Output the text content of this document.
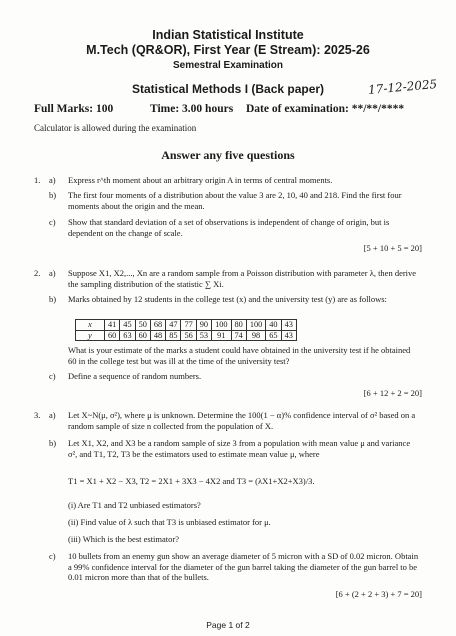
Indian Statistical Institute
M.Tech (QR&OR), First Year (E Stream): 2025-26
Semestral Examination
Statistical Methods I (Back paper)	17-12-2025
Full Marks: 100	Time: 3.00 hours Date of examination: **/**/****
Calculator is allowed during the examination
Answer any five questions
1. a) Express r^th moment about an arbitrary origin A in terms of central moments.
b) The first four moments of a distribution about the value 3 are 2, 10, 40 and 218. Find the first four moments about the origin and the mean.
c) Show that standard deviation of a set of observations is independent of change of origin, but is dependent on the change of scale.
[5 + 10 + 5 = 20]
2. a) Suppose X1, X2,..., Xn are a random sample from a Poisson distribution with parameter λ, then derive the sampling distribution of the statistic ∑ Xi.
b) Marks obtained by 12 students in the college test (x) and the university test (y) are as follows:
x	41	45	50	68	47	77	90	100	80	100	40	43
y	60	63	60	48	85	56	53	91	74	98	65	43
What is your estimate of the marks a student could have obtained in the university test if he obtained 60 in the college test but was ill at the time of the university test?
c) Define a sequence of random numbers.
[6 + 12 + 2 = 20]
3. a) Let X~N(μ, σ²), where μ is unknown. Determine the 100(1 − α)% confidence interval of σ² based on a random sample of size n collected from the population of X.
b) Let X1, X2, and X3 be a random sample of size 3 from a population with mean value μ and variance σ², and T1, T2, T3 be the estimators used to estimate mean value μ, where
T1 = X1 + X2 − X3, T2 = 2X1 + 3X3 − 4X2 and T3 = (λX1+X2+X3)/3.
(i) Are T1 and T2 unbiased estimators?
(ii) Find value of λ such that T3 is unbiased estimator for μ.
(iii) Which is the best estimator?
c) 10 bullets from an enemy gun show an average diameter of 5 micron with a SD of 0.02 micron. Obtain a 99% confidence interval for the diameter of the gun barrel taking the diameter of the gun barrel to be 0.01 micron more than that of the bullets.
[6 + (2 + 2 + 3) + 7 = 20]
Page 1 of 2
